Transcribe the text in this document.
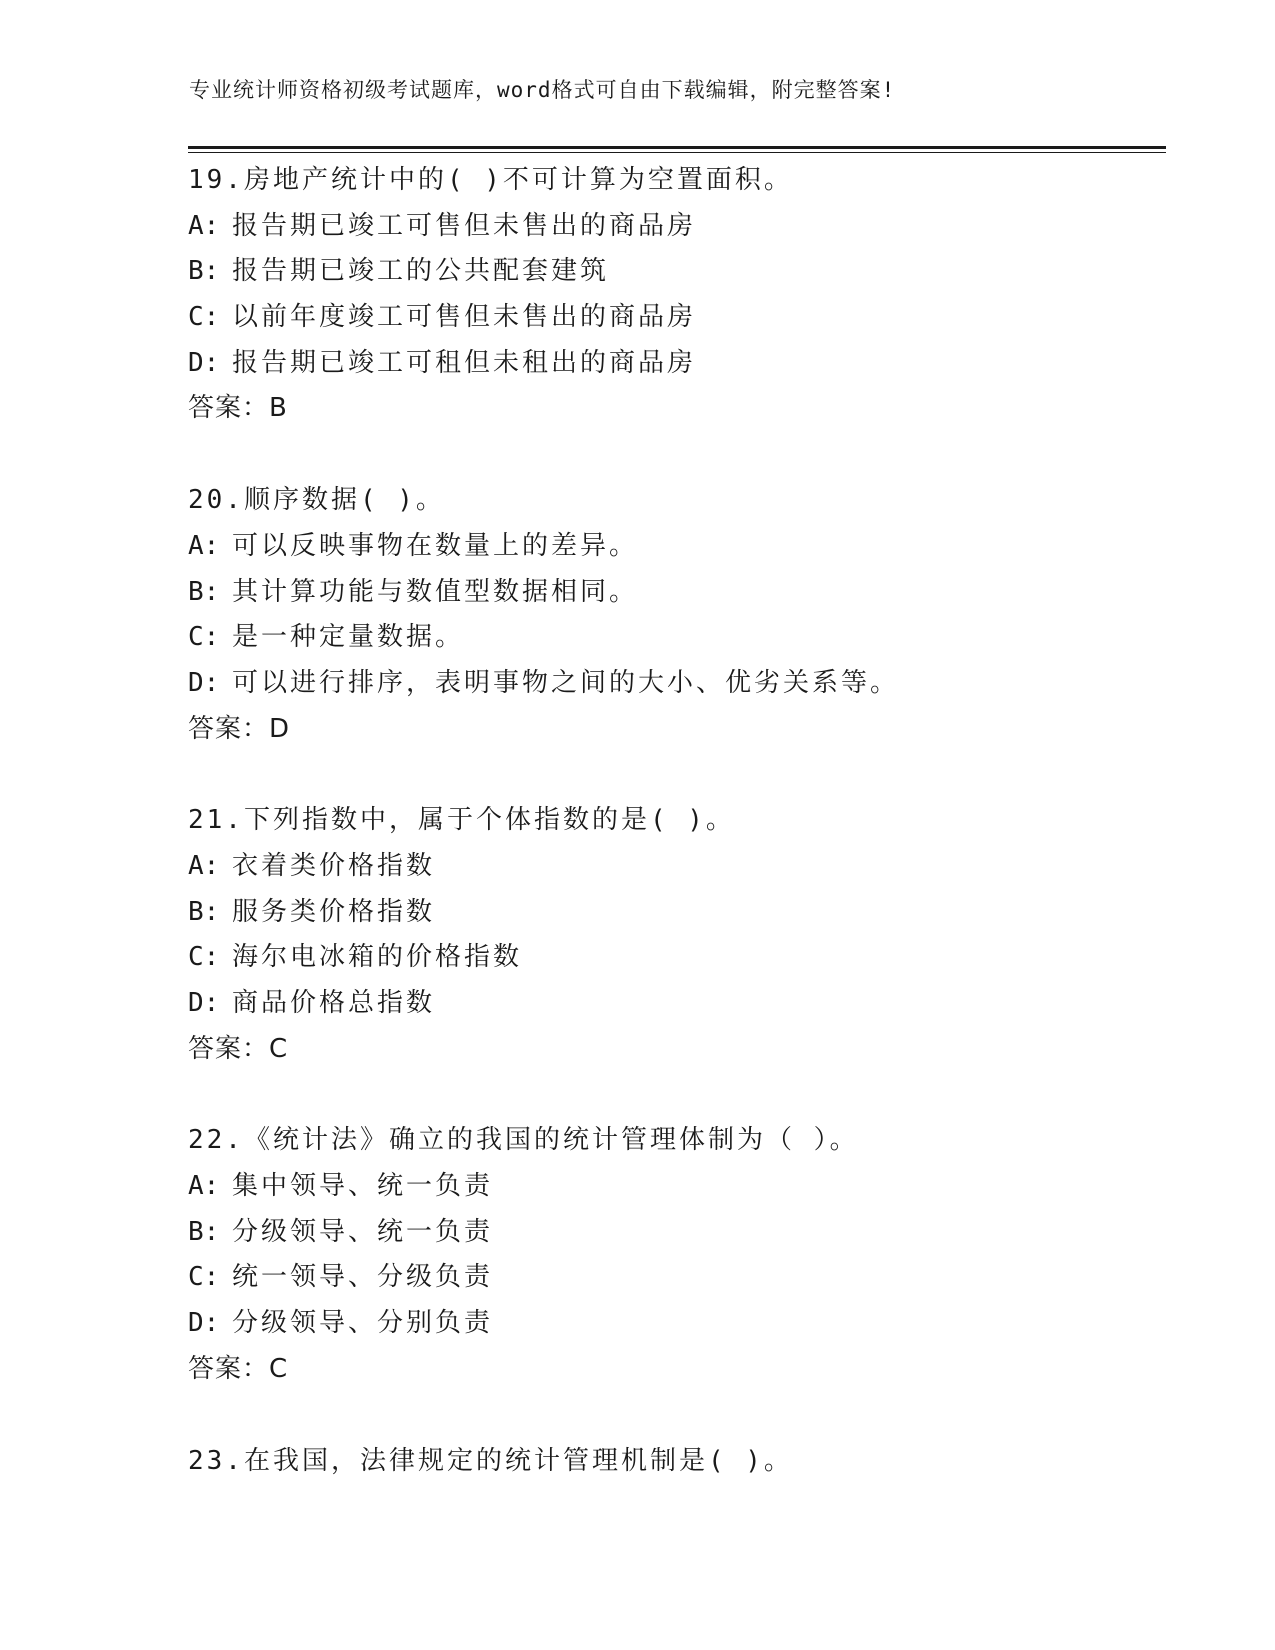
专业统计师资格初级考试题库，word格式可自由下载编辑，附完整答案!
19.房地产统计中的( )不可计算为空置面积。
A: 报告期已竣工可售但未售出的商品房
B: 报告期已竣工的公共配套建筑
C: 以前年度竣工可售但未售出的商品房
D: 报告期已竣工可租但未租出的商品房
答案：B
20.顺序数据( )。
A: 可以反映事物在数量上的差异。
B: 其计算功能与数值型数据相同。
C: 是一种定量数据。
D: 可以进行排序，表明事物之间的大小、优劣关系等。
答案：D
21.下列指数中，属于个体指数的是( )。
A: 衣着类价格指数
B: 服务类价格指数
C: 海尔电冰箱的价格指数
D: 商品价格总指数
答案：C
22.《统计法》确立的我国的统计管理体制为（ ）。
A: 集中领导、统一负责
B: 分级领导、统一负责
C: 统一领导、分级负责
D: 分级领导、分别负责
答案：C
23.在我国，法律规定的统计管理机制是( )。
